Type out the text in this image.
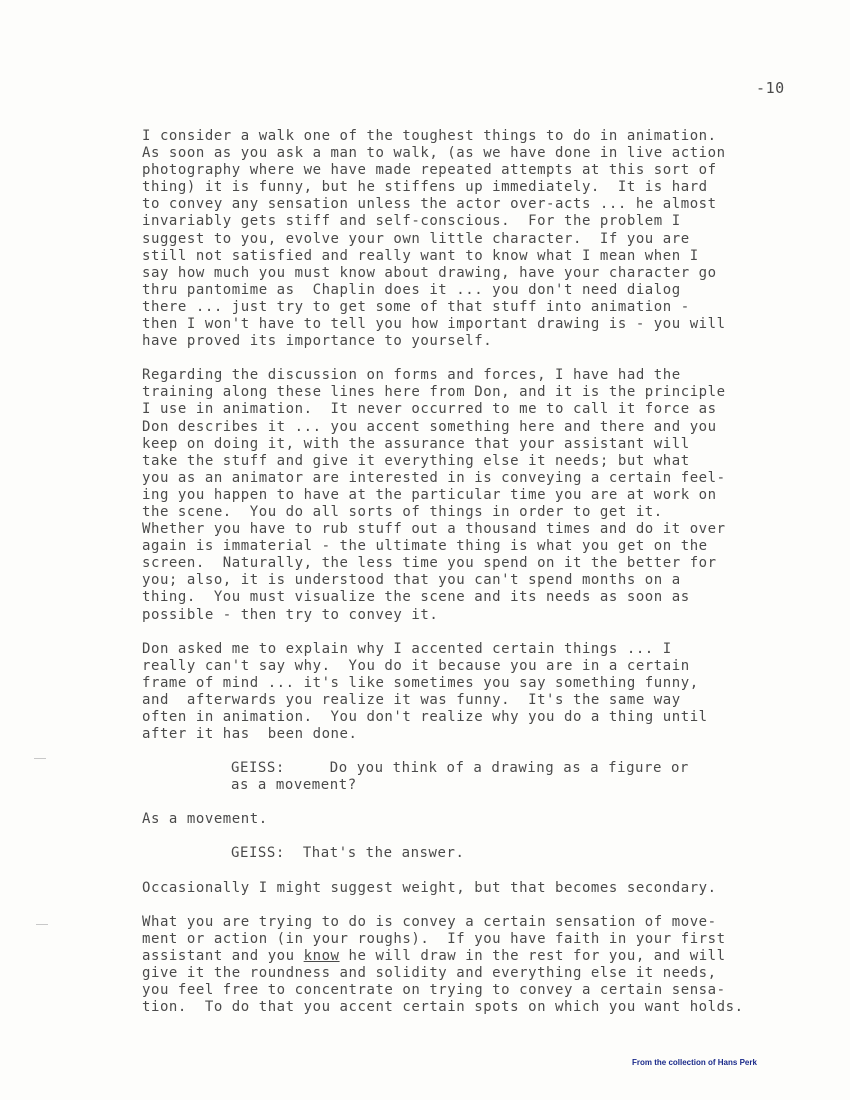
-10
I consider a walk one of the toughest things to do in animation.
As soon as you ask a man to walk, (as we have done in live action
photography where we have made repeated attempts at this sort of
thing) it is funny, but he stiffens up immediately.  It is hard
to convey any sensation unless the actor over-acts ... he almost
invariably gets stiff and self-conscious.  For the problem I
suggest to you, evolve your own little character.  If you are
still not satisfied and really want to know what I mean when I
say how much you must know about drawing, have your character go
thru pantomime as  Chaplin does it ... you don't need dialog
there ... just try to get some of that stuff into animation -
then I won't have to tell you how important drawing is - you will
have proved its importance to yourself.
Regarding the discussion on forms and forces, I have had the
training along these lines here from Don, and it is the principle
I use in animation.  It never occurred to me to call it force as
Don describes it ... you accent something here and there and you
keep on doing it, with the assurance that your assistant will
take the stuff and give it everything else it needs; but what
you as an animator are interested in is conveying a certain feel-
ing you happen to have at the particular time you are at work on
the scene.  You do all sorts of things in order to get it.
Whether you have to rub stuff out a thousand times and do it over
again is immaterial - the ultimate thing is what you get on the
screen.  Naturally, the less time you spend on it the better for
you; also, it is understood that you can't spend months on a
thing.  You must visualize the scene and its needs as soon as
possible - then try to convey it.
Don asked me to explain why I accented certain things ... I
really can't say why.  You do it because you are in a certain
frame of mind ... it's like sometimes you say something funny,
and  afterwards you realize it was funny.  It's the same way
often in animation.  You don't realize why you do a thing until
after it has  been done.
GEISS:     Do you think of a drawing as a figure or
as a movement?
As a movement.
GEISS:  That's the answer.
Occasionally I might suggest weight, but that becomes secondary.
What you are trying to do is convey a certain sensation of move-
ment or action (in your roughs).  If you have faith in your first
assistant and you know he will draw in the rest for you, and will
give it the roundness and solidity and everything else it needs,
you feel free to concentrate on trying to convey a certain sensa-
tion.  To do that you accent certain spots on which you want holds.
From the collection of Hans Perk
